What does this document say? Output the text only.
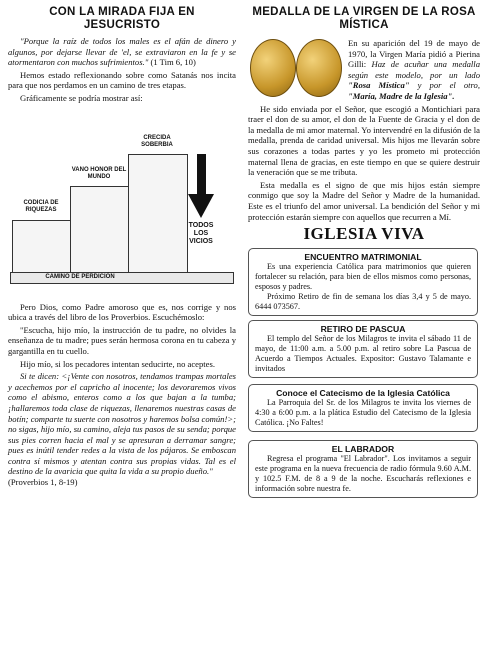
CON LA MIRADA FIJA EN JESUCRISTO

"Porque la raíz de todos los males es el afán de dinero y algunos, por dejarse llevar de 'el, se extraviaron en la fe y se atormentaron con muchos sufrimientos." (1 Tim 6, 10)

Hemos estado reflexionando sobre como Satanás nos incita para que nos perdamos en un camino de tres etapas.

Gráficamente se podría mostrar así:

CODICIA DE RIQUEZAS
VANO HONOR DEL MUNDO
CRECIDA SOBERBIA
TODOS LOS VICIOS
CAMINO DE PERDICIÓN

Pero Dios, como Padre amoroso que es, nos corrige y nos ubica a través del libro de los Proverbios. Escuchémoslo:

"Escucha, hijo mío, la instrucción de tu padre, no olvides la enseñanza de tu madre; pues serán hermosa corona en tu cabeza y gargantilla en tu cuello.

Hijo mío, si los pecadores intentan seducirte, no aceptes.

Si te dicen: <¡Vente con nosotros, tendamos trampas mortales y acechemos por el capricho al inocente; los devoraremos vivos como el abismo, enteros como a los que bajan a la tumba; ¡hallaremos toda clase de riquezas, llenaremos nuestras casas de botín; comparte tu suerte con nosotros y haremos bolsa común!>; no sigas, hijo mío, su camino, aleja tus pasos de su senda; porque sus pies corren hacia el mal y se apresuran a derramar sangre; pues es inútil tender redes a la vista de los pájaros. Se emboscan contra sí mismos y atentan contra sus propias vidas. Tal es el destino de la avaricia que quita la vida a su propio dueño."
(Proverbios 1, 8-19)

MEDALLA DE LA VIRGEN DE LA ROSA MÍSTICA

En su aparición del 19 de mayo de 1970, la Virgen María pidió a Pierina Gilli: Haz de acuñar una medalla según este modelo, por un lado "Rosa Mística" y por el otro, "María, Madre de la Iglesia".

He sido enviada por el Señor, que escogió a Montichiari para traer el don de su amor, el don de la Fuente de Gracia y el don de la medalla de mi amor maternal. Yo intervendré en la difusión de la medalla, prenda de caridad universal. Mis hijos me llevarán sobre sus corazones a todas partes y yo les prometo mi protección maternal llena de gracias, en este tiempo en que se quiere destruir la veneración que se me tributa.

Esta medalla es el signo de que mis hijos están siempre conmigo que soy la Madre del Señor y Madre de la humanidad. Este es el triunfo del amor universal. La bendición del Señor y mi protección estarán siempre con aquellos que recurren a Mí.

IGLESIA VIVA
ENCUENTRO MATRIMONIAL

Es una experiencia Católica para matrimonios que quieren fortalecer su relación, para bien de ellos mismos como personas, esposos y padres.

Próximo Retiro de fin de semana los días 3,4 y 5 de mayo. 6444 073567.

RETIRO DE PASCUA

El templo del Señor de los Milagros te invita el sábado 11 de mayo, de 11:00 a.m. a 5.00 p.m. al retiro sobre La Pascua de Acuerdo a Tiempos Actuales. Expositor: Gustavo Talamante e invitados

Conoce el Catecismo de la Iglesia Católica

La Parroquia del Sr. de los Milagros te invita los viernes de 4:30 a 6:00 p.m. a la plática Estudio del Catecismo de la Iglesia Católica. ¡No Faltes!

EL LABRADOR

Regresa el programa "El Labrador". Los invitamos a seguir este programa en la nueva frecuencia de radio fórmula 9.60 A.M. y 102.5 F.M. de 8 a 9 de la noche. Escucharás reflexiones e información sobre nuestra fe.
